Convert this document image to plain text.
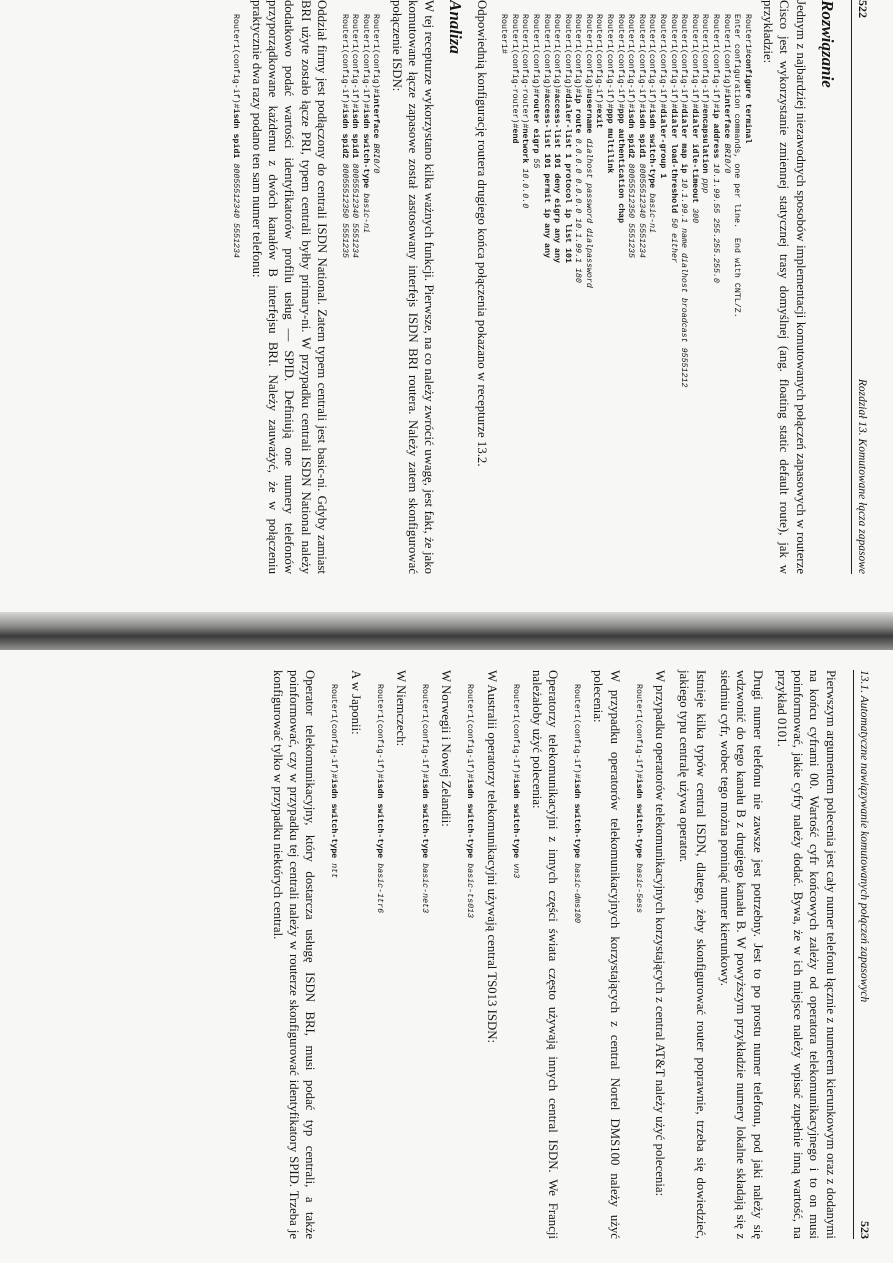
522
Rozdział 13. Komutowane łącza zapasowe
Rozwiązanie

Jednym z najbardziej niezawodnych sposobów implementacji komutowanych połączeń zapasowych w routerze Cisco jest wykorzystanie zmiennej statycznej trasy domyślnej (ang. floating static default route), jak w przykładzie:

Router1#configure terminal
Enter configuration commands, one per line.  End with CNTL/Z.
Router1(config)#interface BRI0/0
Router1(config-if)#ip address 10.1.99.55 255.255.255.0
Router1(config-if)#encapsulation ppp
Router1(config-if)#dialer idle-timeout 300
Router1(config-if)#dialer map ip 10.1.99.1 name dialhost broadcast 95551212
Router1(config-if)#dialer load-threshold 50 either
Router1(config-if)#dialer-group 1
Router1(config-if)#isdn switch-type basic-ni
Router1(config-if)#isdn spid1 80055512340 5551234
Router1(config-if)#isdn spid2 80055512350 5551235
Router1(config-if)#ppp authentication chap
Router1(config-if)#ppp multilink
Router1(config-if)#exit
Router1(config)#username dialhost password dialpassword
Router1(config)#ip route 0.0.0.0 0.0.0.0 10.1.99.1 180
Router1(config)#dialer-list 1 protocol ip list 101
Router1(config)#access-list 101 deny eigrp any any
Router1(config)#access-list 101 permit ip any any
Router1(config)#router eigrp 55
Router1(config-router)#network 10.0.0.0
Router1(config-router)#end
Router1#

Odpowiednią konfigurację routera drugiego końca połączenia pokazano w recepturze 13.2.

Analiza

W tej recepturze wykorzystano kilka ważnych funkcji. Pierwsze, na co należy zwrócić uwagę, jest fakt, że jako komutowane łącze zapasowe został zastosowany interfejs ISDN BRI routera. Należy zatem skonfigurować połączenie ISDN:

Router1(config)#interface BRI0/0
Router1(config-if)#isdn switch-type basic-ni
Router1(config-if)#isdn spid1 80055512340 5551234
Router1(config-if)#isdn spid2 80055512350 5551235

Oddział firmy jest podłączony do centrali ISDN National. Zatem typem centrali jest basic-ni. Gdyby zamiast BRI użyte zostało łącze PRI, typem centrali byłby primary-ni. W przypadku centrali ISDN National należy dodatkowo podać wartości identyfikatorów profilu usług — SPID. Definiują one numery telefonów przyporządkowane każdemu z dwóch kanałów B interfejsu BRI. Należy zauważyć, że w połączeniu praktycznie dwa razy podano ten sam numer telefonu:

Router1(config-if)#isdn spid1 80055512340 5551234
13.1. Automatyczne nawiązywanie komutowanych połączeń zapasowych
523

Pierwszym argumentem polecenia jest cały numer telefonu łącznie z numerem kierunkowym oraz z dodanymi na końcu cyframi 00. Wartość cyfr końcowych zależy od operatora telekomunikacyjnego i to on musi poinformować, jakie cyfry należy dodać. Bywa, że w ich miejsce należy wpisać zupełnie inną wartość, na przykład 0101.

Drugi numer telefonu nie zawsze jest potrzebny. Jest to po prostu numer telefonu, pod jaki należy się wdzwonić do tego kanału B z drugiego kanału B. W powyższym przykładzie numery lokalne składają się z siedmiu cyfr, wobec tego można pominąć numer kierunkowy.

Istnieje kilka typów central ISDN, dlatego, żeby skonfigurować router poprawnie, trzeba się dowiedzieć, jakiego typu centralę używa operator.

W przypadku operatorów telekomunikacyjnych korzystających z central AT&T należy użyć polecenia:

Router1(config-if)#isdn switch-type basic-5ess

W przypadku operatorów telekomunikacyjnych korzystających z central Nortel DMS100 należy użyć polecenia:

Router1(config-if)#isdn switch-type basic-dms100

Operatorzy telekomunikacyjni z innych części świata często używają innych central ISDN. We Francji należałoby użyć polecenia:

Router1(config-if)#isdn switch-type vn3

W Australii operatorzy telekomunikacyjni używają central TS013 ISDN:

Router1(config-if)#isdn switch-type basic-ts013

W Norwegii i Nowej Zelandii:

Router1(config-if)#isdn switch-type basic-net3

W Niemczech:

Router1(config-if)#isdn switch-type basic-1tr6

A w Japonii:

Router1(config-if)#isdn switch-type ntt

Operator telekomunikacyjny, który dostarcza usługę ISDN BRI, musi podać typ centrali, a także poinformować, czy w przypadku tej centrali należy w routerze skonfigurować identyfikatory SPID. Trzeba je konfigurować tylko w przypadku niektórych central.
